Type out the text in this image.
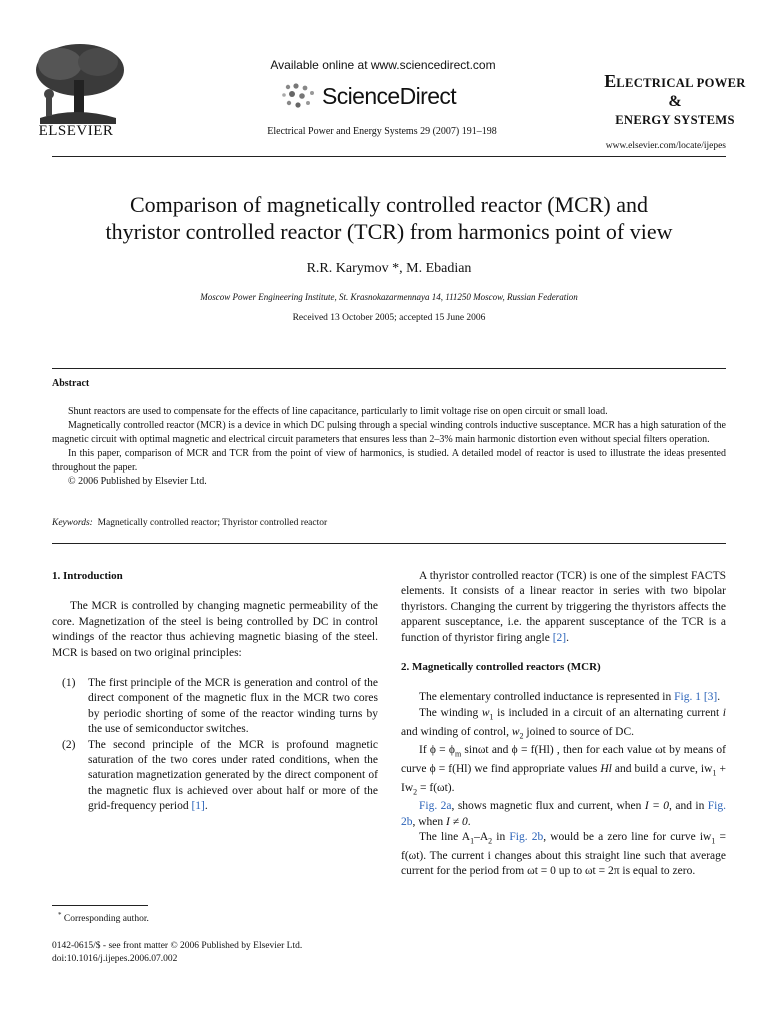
ELSEVIER
Available online at www.sciencedirect.com
ScienceDirect
Electrical Power and Energy Systems 29 (2007) 191–198
ELECTRICAL POWER
&
ENERGY SYSTEMS
www.elsevier.com/locate/ijepes
Comparison of magnetically controlled reactor (MCR) and
thyristor controlled reactor (TCR) from harmonics point of view
R.R. Karymov *, M. Ebadian
Moscow Power Engineering Institute, St. Krasnokazarmennaya 14, 111250 Moscow, Russian Federation
Received 13 October 2005; accepted 15 June 2006
Abstract

Shunt reactors are used to compensate for the effects of line capacitance, particularly to limit voltage rise on open circuit or small load.

Magnetically controlled reactor (MCR) is a device in which DC pulsing through a special winding controls inductive susceptance. MCR has a high saturation of the magnetic circuit with optimal magnetic and electrical circuit parameters that ensures less than 2–3% main harmonic distortion even without special filters operation.

In this paper, comparison of MCR and TCR from the point of view of harmonics, is studied. A detailed model of reactor is used to illustrate the ideas presented throughout the paper.

© 2006 Published by Elsevier Ltd.

Keywords: Magnetically controlled reactor; Thyristor controlled reactor

1. Introduction

The MCR is controlled by changing magnetic permeability of the core. Magnetization of the steel is being controlled by DC in control windings of the reactor thus achieving magnetic biasing of the steel. MCR is based on two original principles:

(1)	The first principle of the MCR is generation and control of the direct component of the magnetic flux in the MCR two cores by periodic shorting of some of the reactor winding turns by the use of semiconductor switches.
(2)	The second principle of the MCR is profound magnetic saturation of the two cores under rated conditions, when the saturation magnetization generated by the direct component of the magnetic flux is achieved over about half or more of the grid-frequency period [1].

A thyristor controlled reactor (TCR) is one of the simplest FACTS elements. It consists of a linear reactor in series with two bipolar thyristors. Changing the current by triggering the thyristors affects the apparent susceptance, i.e. the apparent susceptance of the TCR is a function of thyristor firing angle [2].

2. Magnetically controlled reactors (MCR)

The elementary controlled inductance is represented in Fig. 1 [3].

The winding $w_1$ is included in a circuit of an alternating current i and winding of control, $w_2$ joined to source of DC.

If $\phi = \phi_m$ sinωt and ϕ = f(Hl) , then for each value ωt by means of curve ϕ = f(Hl) we find appropriate values Hl and build a curve, $iw_1 + Iw_2 = f(\omega t)$.

Fig. 2a, shows magnetic flux and current, when I = 0, and in Fig. 2b, when I ≠ 0.

The line $A_1-A_2$ in Fig. 2b, would be a zero line for curve $iw_1 = f(\omega t)$. The current i changes about this straight line such that average current for the period from ωt = 0 up to ωt = 2π is equal to zero.

* Corresponding author.
0142-0615/$ - see front matter © 2006 Published by Elsevier Ltd.
doi:10.1016/j.ijepes.2006.07.002
